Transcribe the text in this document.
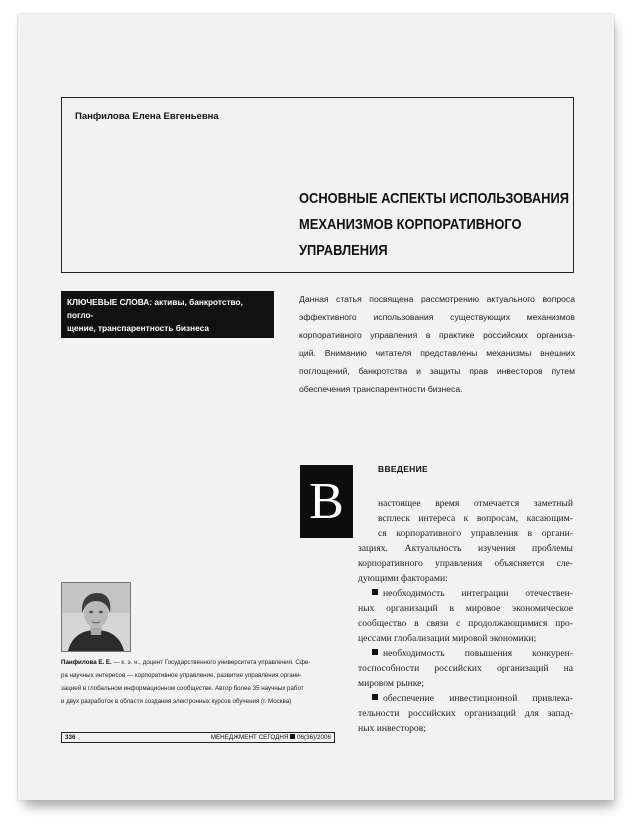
Панфилова Елена Евгеньевна
ОСНОВНЫЕ АСПЕКТЫ ИСПОЛЬЗОВАНИЯ
МЕХАНИЗМОВ КОРПОРАТИВНОГО
УПРАВЛЕНИЯ
КЛЮЧЕВЫЕ СЛОВА: активы, банкротство, погло-
щение, транспарентность бизнеса
Данная статья посвящена рассмотрению актуального вопроса
эффективного использования существующих механизмов
корпоративного управления в практике российских организа-
ций. Вниманию читателя представлены механизмы внешних
поглощений, банкротства и защиты прав инвесторов путем
обеспечения транспарентности бизнеса.
В
ВВЕДЕНИЕ
настоящее время отмечается заметный
всплеск интереса к вопросам, касающим-
ся корпоративного управления в органи-
зациях. Актуальность изучения проблемы
корпоративного управления объясняется сле-
дующими факторами:
необходимость интеграции отечествен-
ных организаций в мировое экономическое
сообщество в связи с продолжающимися про-
цессами глобализации мировой экономики;
необходимость повышения конкурен-
тоспособности российских организаций на
мировом рынке;
обеспечение инвестиционной привлека-
тельности российских организаций для запад-
ных инвесторов;
Панфилова Е. Е. — к. э. н., доцент Государственного университета управления. Сфе-
ра научных интересов — корпоративное управление, развитие управления органи-
зацией в глобальном информационном сообществе. Автор более 35 научных работ
и двух разработок в области создания электронных курсов обучения (г. Москва)
336	МЕНЕДЖМЕНТ СЕГОДНЯ 06(36)/2006
